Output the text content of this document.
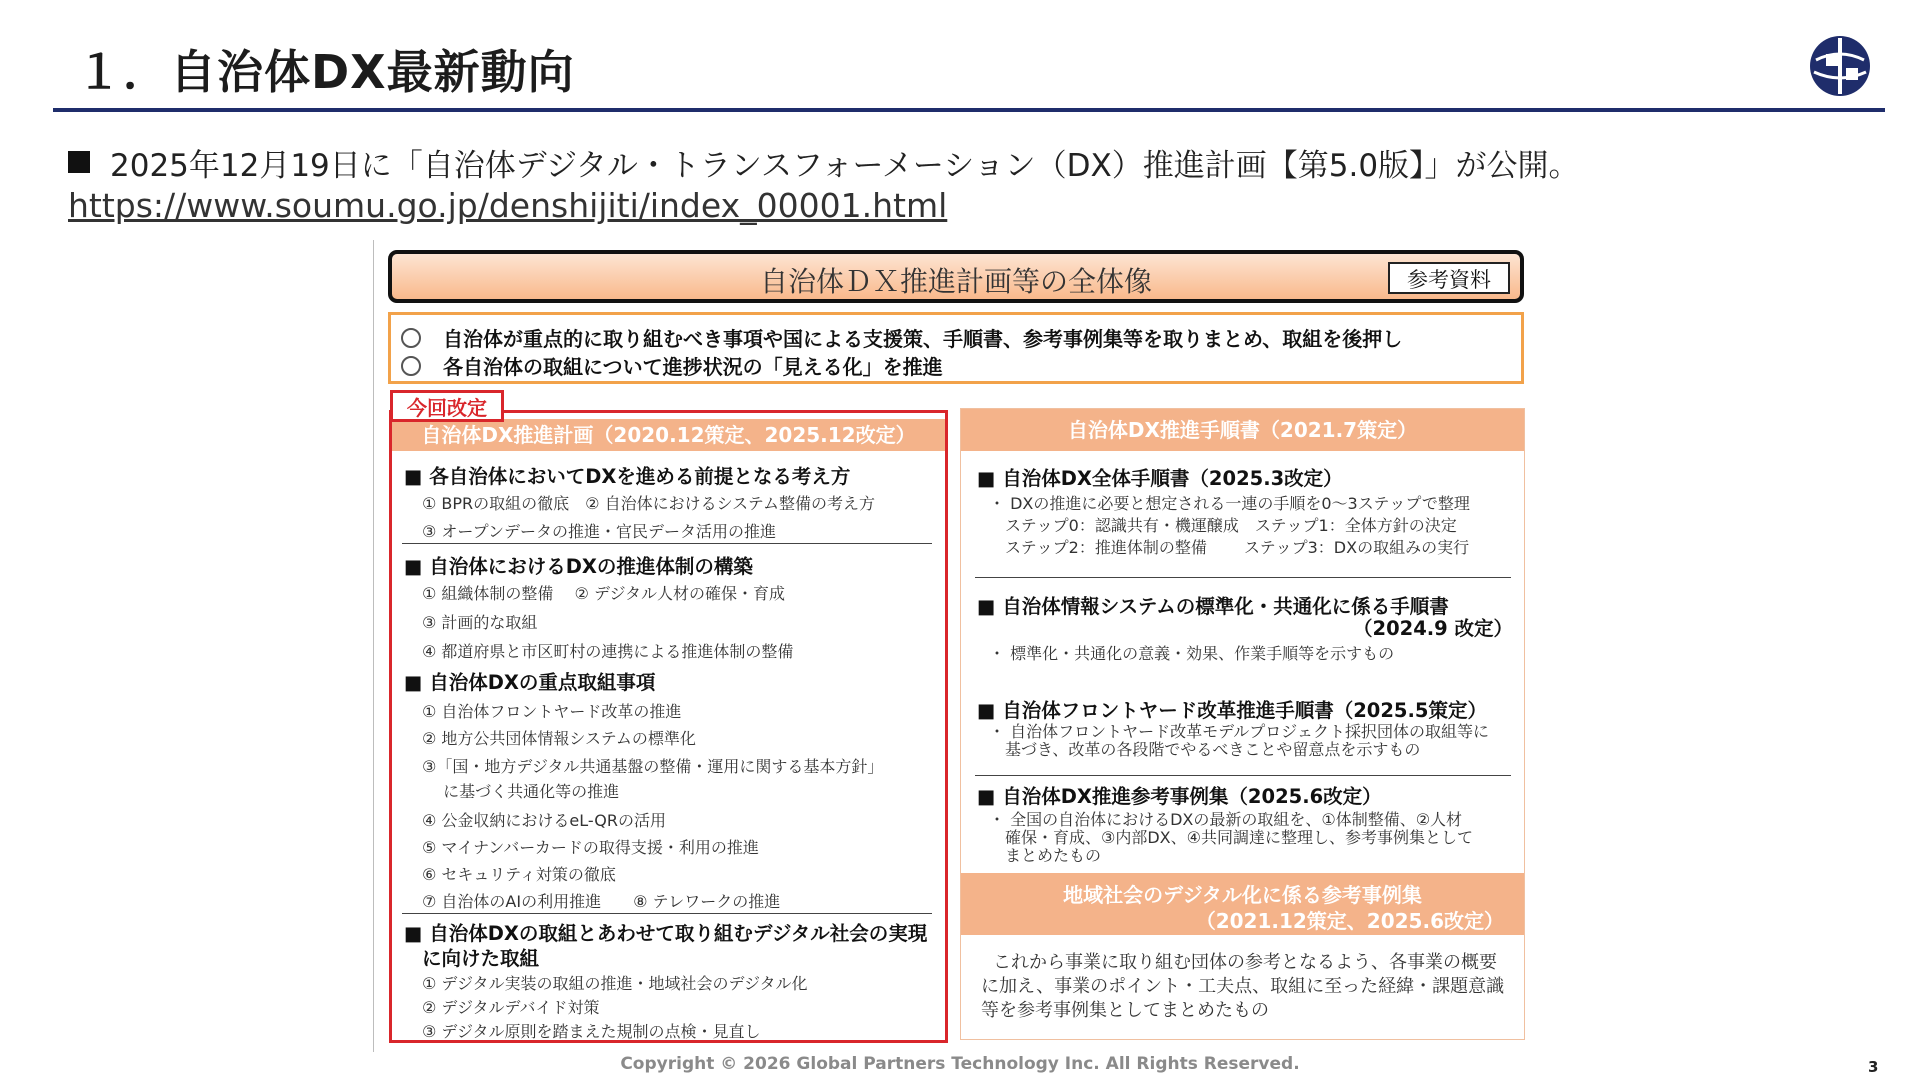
１．自治体DX最新動向
2025年12月19日に「自治体デジタル・トランスフォーメーション（DX）推進計画【第5.0版】」が公開。
https://www.soumu.go.jp/denshijiti/index_00001.html
自治体ＤＸ推進計画等の全体像	参考資料
自治体が重点的に取り組むべき事項や国による支援策、手順書、参考事例集等を取りまとめ、取組を後押し
各自治体の取組について進捗状況の「見える化」を推進
自治体DX推進計画（2020.12策定、2025.12改定）
■ 各自治体においてDXを進める前提となる考え方
① BPRの取組の徹底　② 自治体におけるシステム整備の考え方
③ オープンデータの推進・官民データ活用の推進
■ 自治体におけるDXの推進体制の構築
① 組織体制の整備　 ② デジタル人材の確保・育成
③ 計画的な取組
④ 都道府県と市区町村の連携による推進体制の整備
■ 自治体DXの重点取組事項
① 自治体フロントヤード改革の推進
② 地方公共団体情報システムの標準化
③「国・地方デジタル共通基盤の整備・運用に関する基本方針」
　 に基づく共通化等の推進
④ 公金収納におけるeL-QRの活用
⑤ マイナンバーカードの取得支援・利用の推進
⑥ セキュリティ対策の徹底
⑦ 自治体のAIの利用推進　　⑧ テレワークの推進
■ 自治体DXの取組とあわせて取り組むデジタル社会の実現
に向けた取組
① デジタル実装の取組の推進・地域社会のデジタル化
② デジタルデバイド対策
③ デジタル原則を踏まえた規制の点検・見直し
今回改定
自治体DX推進手順書（2021.7策定）
■ 自治体DX全体手順書（2025.3改定）
・ DXの推進に必要と想定される一連の手順を0～3ステップで整理
　ステップ0：認識共有・機運醸成　ステップ1：全体方針の決定
　ステップ2：推進体制の整備　　 ステップ3：DXの取組みの実行
■ 自治体情報システムの標準化・共通化に係る手順書
（2024.9 改定）
・ 標準化・共通化の意義・効果、作業手順等を示すもの
■ 自治体フロントヤード改革推進手順書（2025.5策定）
・ 自治体フロントヤード改革モデルプロジェクト採択団体の取組等に
　基づき、改革の各段階でやるべきことや留意点を示すもの
■ 自治体DX推進参考事例集（2025.6改定）
・ 全国の自治体におけるDXの最新の取組を、①体制整備、②人材
　確保・育成、③内部DX、④共同調達に整理し、参考事例集として
　まとめたもの
地域社会のデジタル化に係る参考事例集
（2021.12策定、2025.6改定）
これから事業に取り組む団体の参考となるよう、各事業の概要
に加え、事業のポイント・工夫点、取組に至った経緯・課題意識
等を参考事例集としてまとめたもの
Copyright © 2026 Global Partners Technology Inc. All Rights Reserved.	3
